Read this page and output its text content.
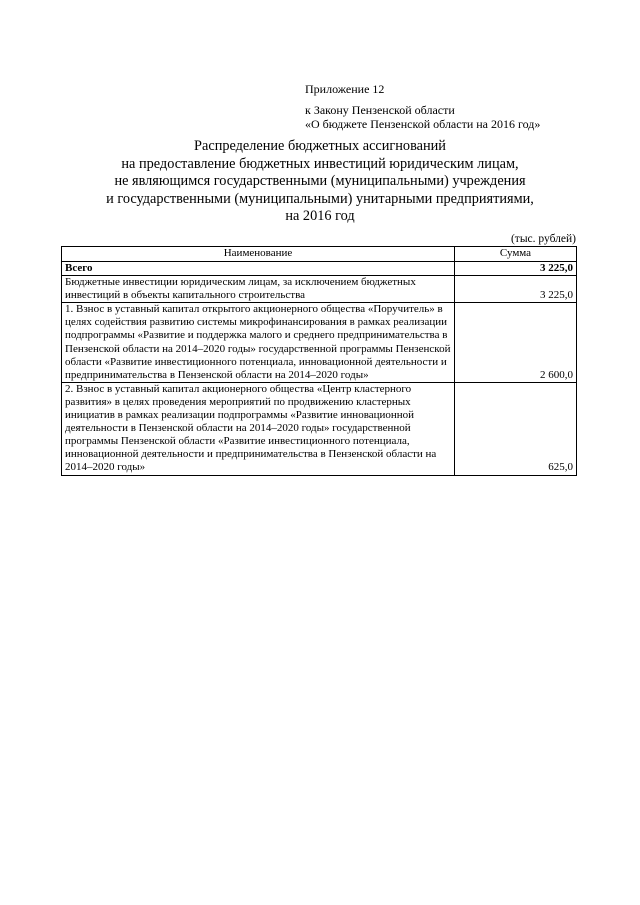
Приложение 12
к Закону Пензенской области
«О бюджете Пензенской области на 2016 год»
Распределение бюджетных ассигнований
на предоставление бюджетных инвестиций юридическим лицам,
не являющимся государственными (муниципальными) учреждения
и государственными (муниципальными) унитарными предприятиями,
на 2016 год
(тыс. рублей)
Наименование	Сумма
Всего	3 225,0
Бюджетные инвестиции юридическим лицам, за исключением бюджетных инвестиций в объекты капитального строительства	3 225,0
1. Взнос в уставный капитал открытого акционерного общества «Поручитель» в целях содействия развитию системы микрофинансирования в рамках реализации подпрограммы «Развитие и поддержка малого и среднего предпринимательства в Пензенской области на 2014–2020 годы» государственной программы Пензенской области «Развитие инвестиционного потенциала, инновационной деятельности и предпринимательства в Пензенской области на 2014–2020 годы»	2 600,0
2. Взнос в уставный капитал акционерного общества «Центр кластерного развития» в целях проведения мероприятий по продвижению кластерных инициатив в рамках реализации подпрограммы «Развитие инновационной деятельности в Пензенской области на 2014–2020 годы» государственной программы Пензенской области «Развитие инвестиционного потенциала, инновационной деятельности и предпринимательства в Пензенской области на 2014–2020 годы»	625,0
